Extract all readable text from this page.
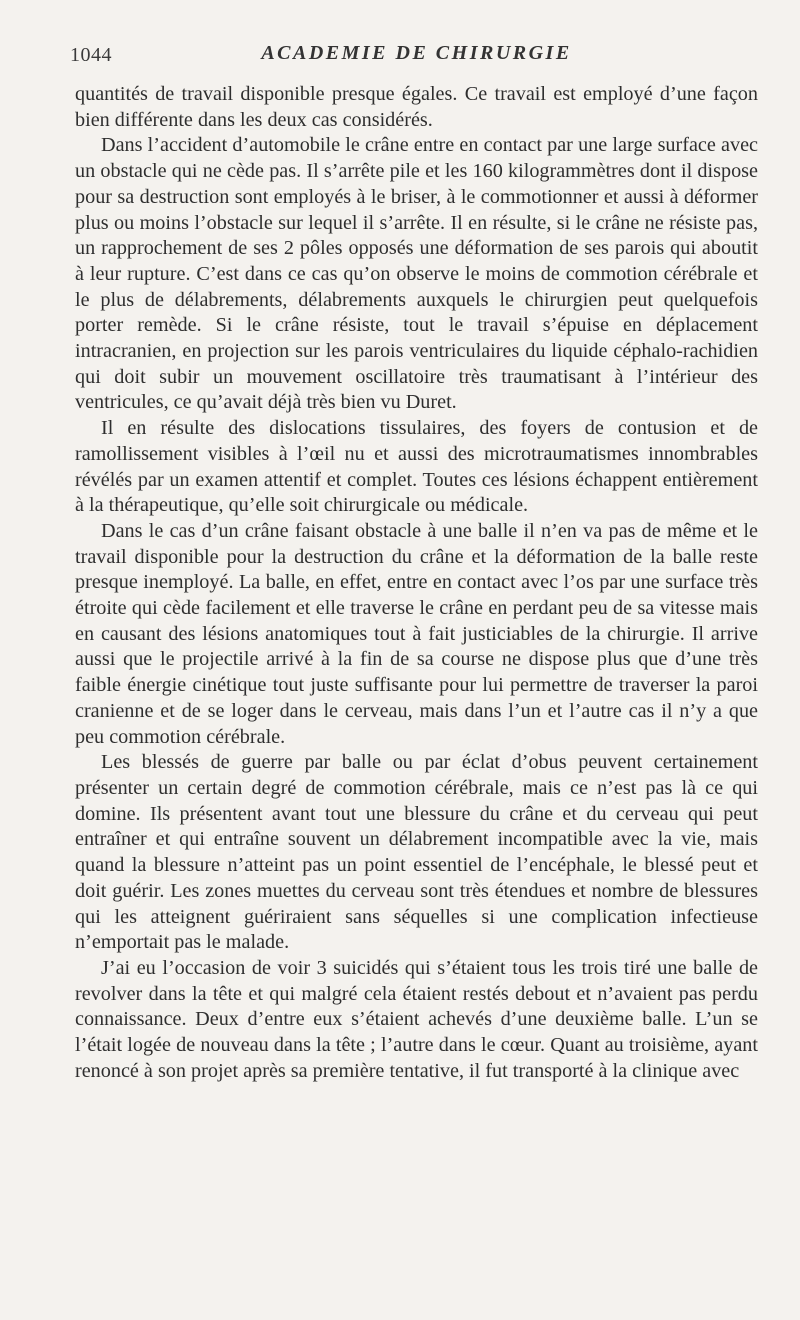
1044	ACADEMIE DE CHIRURGIE

quantités de travail disponible presque égales. Ce travail est employé d’une façon bien différente dans les deux cas considérés.

Dans l’accident d’automobile le crâne entre en contact par une large surface avec un obstacle qui ne cède pas. Il s’arrête pile et les 160 kilogrammètres dont il dispose pour sa destruction sont employés à le briser, à le commotionner et aussi à déformer plus ou moins l’obstacle sur lequel il s’arrête. Il en résulte, si le crâne ne résiste pas, un rapprochement de ses 2 pôles opposés une déformation de ses parois qui aboutit à leur rupture. C’est dans ce cas qu’on observe le moins de commotion cérébrale et le plus de délabrements, délabrements auxquels le chirurgien peut quelquefois porter remède. Si le crâne résiste, tout le travail s’épuise en déplacement intracranien, en projection sur les parois ventriculaires du liquide céphalo-rachidien qui doit subir un mouvement oscillatoire très traumatisant à l’intérieur des ventricules, ce qu’avait déjà très bien vu Duret.

Il en résulte des dislocations tissulaires, des foyers de contusion et de ramollissement visibles à l’œil nu et aussi des microtraumatismes innombrables révélés par un examen attentif et complet. Toutes ces lésions échappent entièrement à la thérapeutique, qu’elle soit chirurgicale ou médicale.

Dans le cas d’un crâne faisant obstacle à une balle il n’en va pas de même et le travail disponible pour la destruction du crâne et la déformation de la balle reste presque inemployé. La balle, en effet, entre en contact avec l’os par une surface très étroite qui cède facilement et elle traverse le crâne en perdant peu de sa vitesse mais en causant des lésions anatomiques tout à fait justiciables de la chirurgie. Il arrive aussi que le projectile arrivé à la fin de sa course ne dispose plus que d’une très faible énergie cinétique tout juste suffisante pour lui permettre de traverser la paroi cranienne et de se loger dans le cerveau, mais dans l’un et l’autre cas il n’y a que peu commotion cérébrale.

Les blessés de guerre par balle ou par éclat d’obus peuvent certainement présenter un certain degré de commotion cérébrale, mais ce n’est pas là ce qui domine. Ils présentent avant tout une blessure du crâne et du cerveau qui peut entraîner et qui entraîne souvent un délabrement incompatible avec la vie, mais quand la blessure n’atteint pas un point essentiel de l’encéphale, le blessé peut et doit guérir. Les zones muettes du cerveau sont très étendues et nombre de blessures qui les atteignent guériraient sans séquelles si une complication infectieuse n’emportait pas le malade.

J’ai eu l’occasion de voir 3 suicidés qui s’étaient tous les trois tiré une balle de revolver dans la tête et qui malgré cela étaient restés debout et n’avaient pas perdu connaissance. Deux d’entre eux s’étaient achevés d’une deuxième balle. L’un se l’était logée de nouveau dans la tête ; l’autre dans le cœur. Quant au troisième, ayant renoncé à son projet après sa première tentative, il fut transporté à la clinique avec
